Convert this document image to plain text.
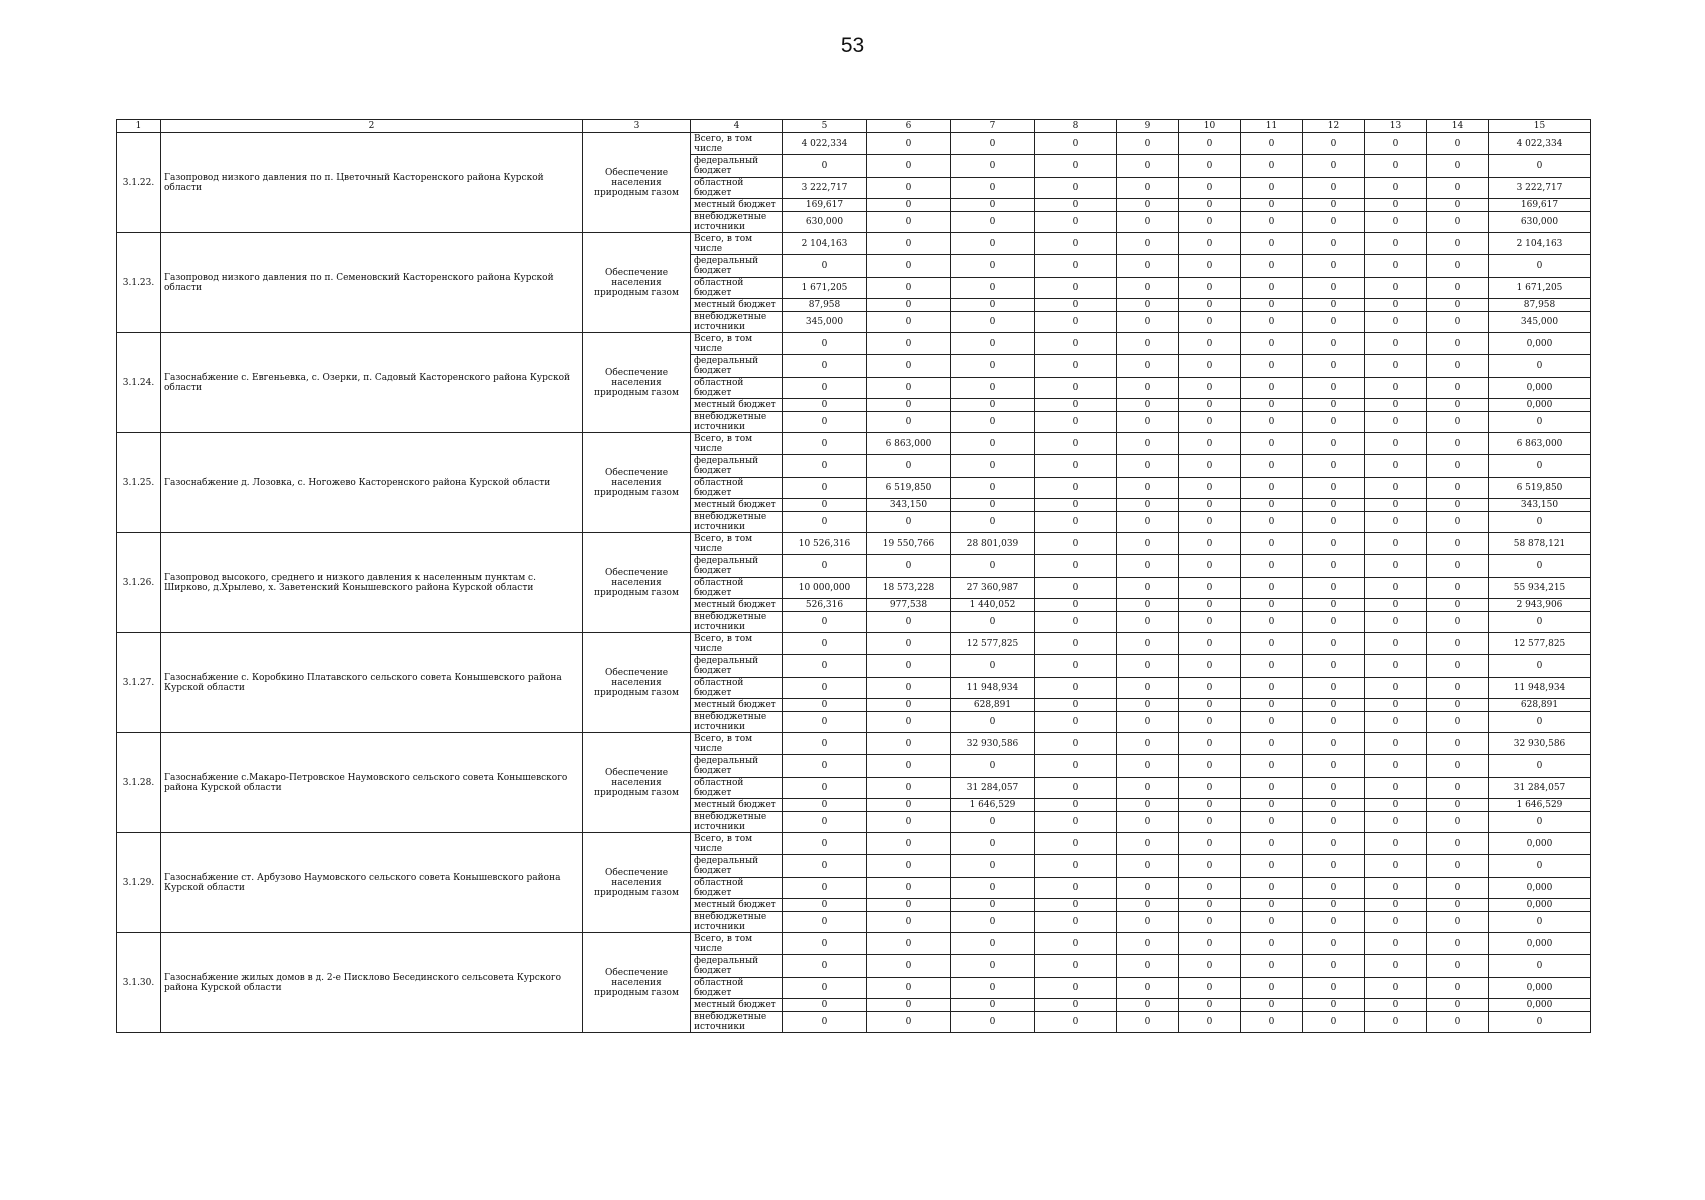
53
1	2	3	4	5	6	7	8	9	10	11	12	13	14	15
3.1.22.	Газопровод низкого давления по п. Цветочный Касторенского района Курской области	Обеспечение населения природным газом	Всего, в том числе	4 022,334	0	0	0	0	0	0	0	0	0	4 022,334
			федеральный бюджет	0	0	0	0	0	0	0	0	0	0	0
			областной бюджет	3 222,717	0	0	0	0	0	0	0	0	0	3 222,717
			местный бюджет	169,617	0	0	0	0	0	0	0	0	0	169,617
			внебюджетные источники	630,000	0	0	0	0	0	0	0	0	0	630,000
3.1.23.	Газопровод низкого давления по п. Семеновский Касторенского района Курской области	Обеспечение населения природным газом	Всего, в том числе	2 104,163	0	0	0	0	0	0	0	0	0	2 104,163
			федеральный бюджет	0	0	0	0	0	0	0	0	0	0	0
			областной бюджет	1 671,205	0	0	0	0	0	0	0	0	0	1 671,205
			местный бюджет	87,958	0	0	0	0	0	0	0	0	0	87,958
			внебюджетные источники	345,000	0	0	0	0	0	0	0	0	0	345,000
3.1.24.	Газоснабжение с. Евгеньевка, с. Озерки, п. Садовый Касторенского района Курской области	Обеспечение населения природным газом	Всего, в том числе	0	0	0	0	0	0	0	0	0	0	0,000
			федеральный бюджет	0	0	0	0	0	0	0	0	0	0	0
			областной бюджет	0	0	0	0	0	0	0	0	0	0	0,000
			местный бюджет	0	0	0	0	0	0	0	0	0	0	0,000
			внебюджетные источники	0	0	0	0	0	0	0	0	0	0	0
3.1.25.	Газоснабжение д. Лозовка, с. Ногожево Касторенского района Курской области	Обеспечение населения природным газом	Всего, в том числе	0	6 863,000	0	0	0	0	0	0	0	0	6 863,000
			федеральный бюджет	0	0	0	0	0	0	0	0	0	0	0
			областной бюджет	0	6 519,850	0	0	0	0	0	0	0	0	6 519,850
			местный бюджет	0	343,150	0	0	0	0	0	0	0	0	343,150
			внебюджетные источники	0	0	0	0	0	0	0	0	0	0	0
3.1.26.	Газопровод высокого, среднего и низкого давления к населенным пунктам с. Ширково, д.Хрылево, х. Заветенский Конышевского района Курской области	Обеспечение населения природным газом	Всего, в том числе	10 526,316	19 550,766	28 801,039	0	0	0	0	0	0	0	58 878,121
			федеральный бюджет	0	0	0	0	0	0	0	0	0	0	0
			областной бюджет	10 000,000	18 573,228	27 360,987	0	0	0	0	0	0	0	55 934,215
			местный бюджет	526,316	977,538	1 440,052	0	0	0	0	0	0	0	2 943,906
			внебюджетные источники	0	0	0	0	0	0	0	0	0	0	0
3.1.27.	Газоснабжение с. Коробкино Платавского сельского совета Конышевского района Курской области	Обеспечение населения природным газом	Всего, в том числе	0	0	12 577,825	0	0	0	0	0	0	0	12 577,825
			федеральный бюджет	0	0	0	0	0	0	0	0	0	0	0
			областной бюджет	0	0	11 948,934	0	0	0	0	0	0	0	11 948,934
			местный бюджет	0	0	628,891	0	0	0	0	0	0	0	628,891
			внебюджетные источники	0	0	0	0	0	0	0	0	0	0	0
3.1.28.	Газоснабжение с.Макаро-Петровское Наумовского сельского совета Конышевского района Курской области	Обеспечение населения природным газом	Всего, в том числе	0	0	32 930,586	0	0	0	0	0	0	0	32 930,586
			федеральный бюджет	0	0	0	0	0	0	0	0	0	0	0
			областной бюджет	0	0	31 284,057	0	0	0	0	0	0	0	31 284,057
			местный бюджет	0	0	1 646,529	0	0	0	0	0	0	0	1 646,529
			внебюджетные источники	0	0	0	0	0	0	0	0	0	0	0
3.1.29.	Газоснабжение ст. Арбузово Наумовского сельского совета Конышевского района Курской области	Обеспечение населения природным газом	Всего, в том числе	0	0	0	0	0	0	0	0	0	0	0,000
			федеральный бюджет	0	0	0	0	0	0	0	0	0	0	0
			областной бюджет	0	0	0	0	0	0	0	0	0	0	0,000
			местный бюджет	0	0	0	0	0	0	0	0	0	0	0,000
			внебюджетные источники	0	0	0	0	0	0	0	0	0	0	0
3.1.30.	Газоснабжение жилых домов в д. 2-е Писклово Бесединского сельсовета Курского района Курской области	Обеспечение населения природным газом	Всего, в том числе	0	0	0	0	0	0	0	0	0	0	0,000
			федеральный бюджет	0	0	0	0	0	0	0	0	0	0	0
			областной бюджет	0	0	0	0	0	0	0	0	0	0	0,000
			местный бюджет	0	0	0	0	0	0	0	0	0	0	0,000
			внебюджетные источники	0	0	0	0	0	0	0	0	0	0	0
